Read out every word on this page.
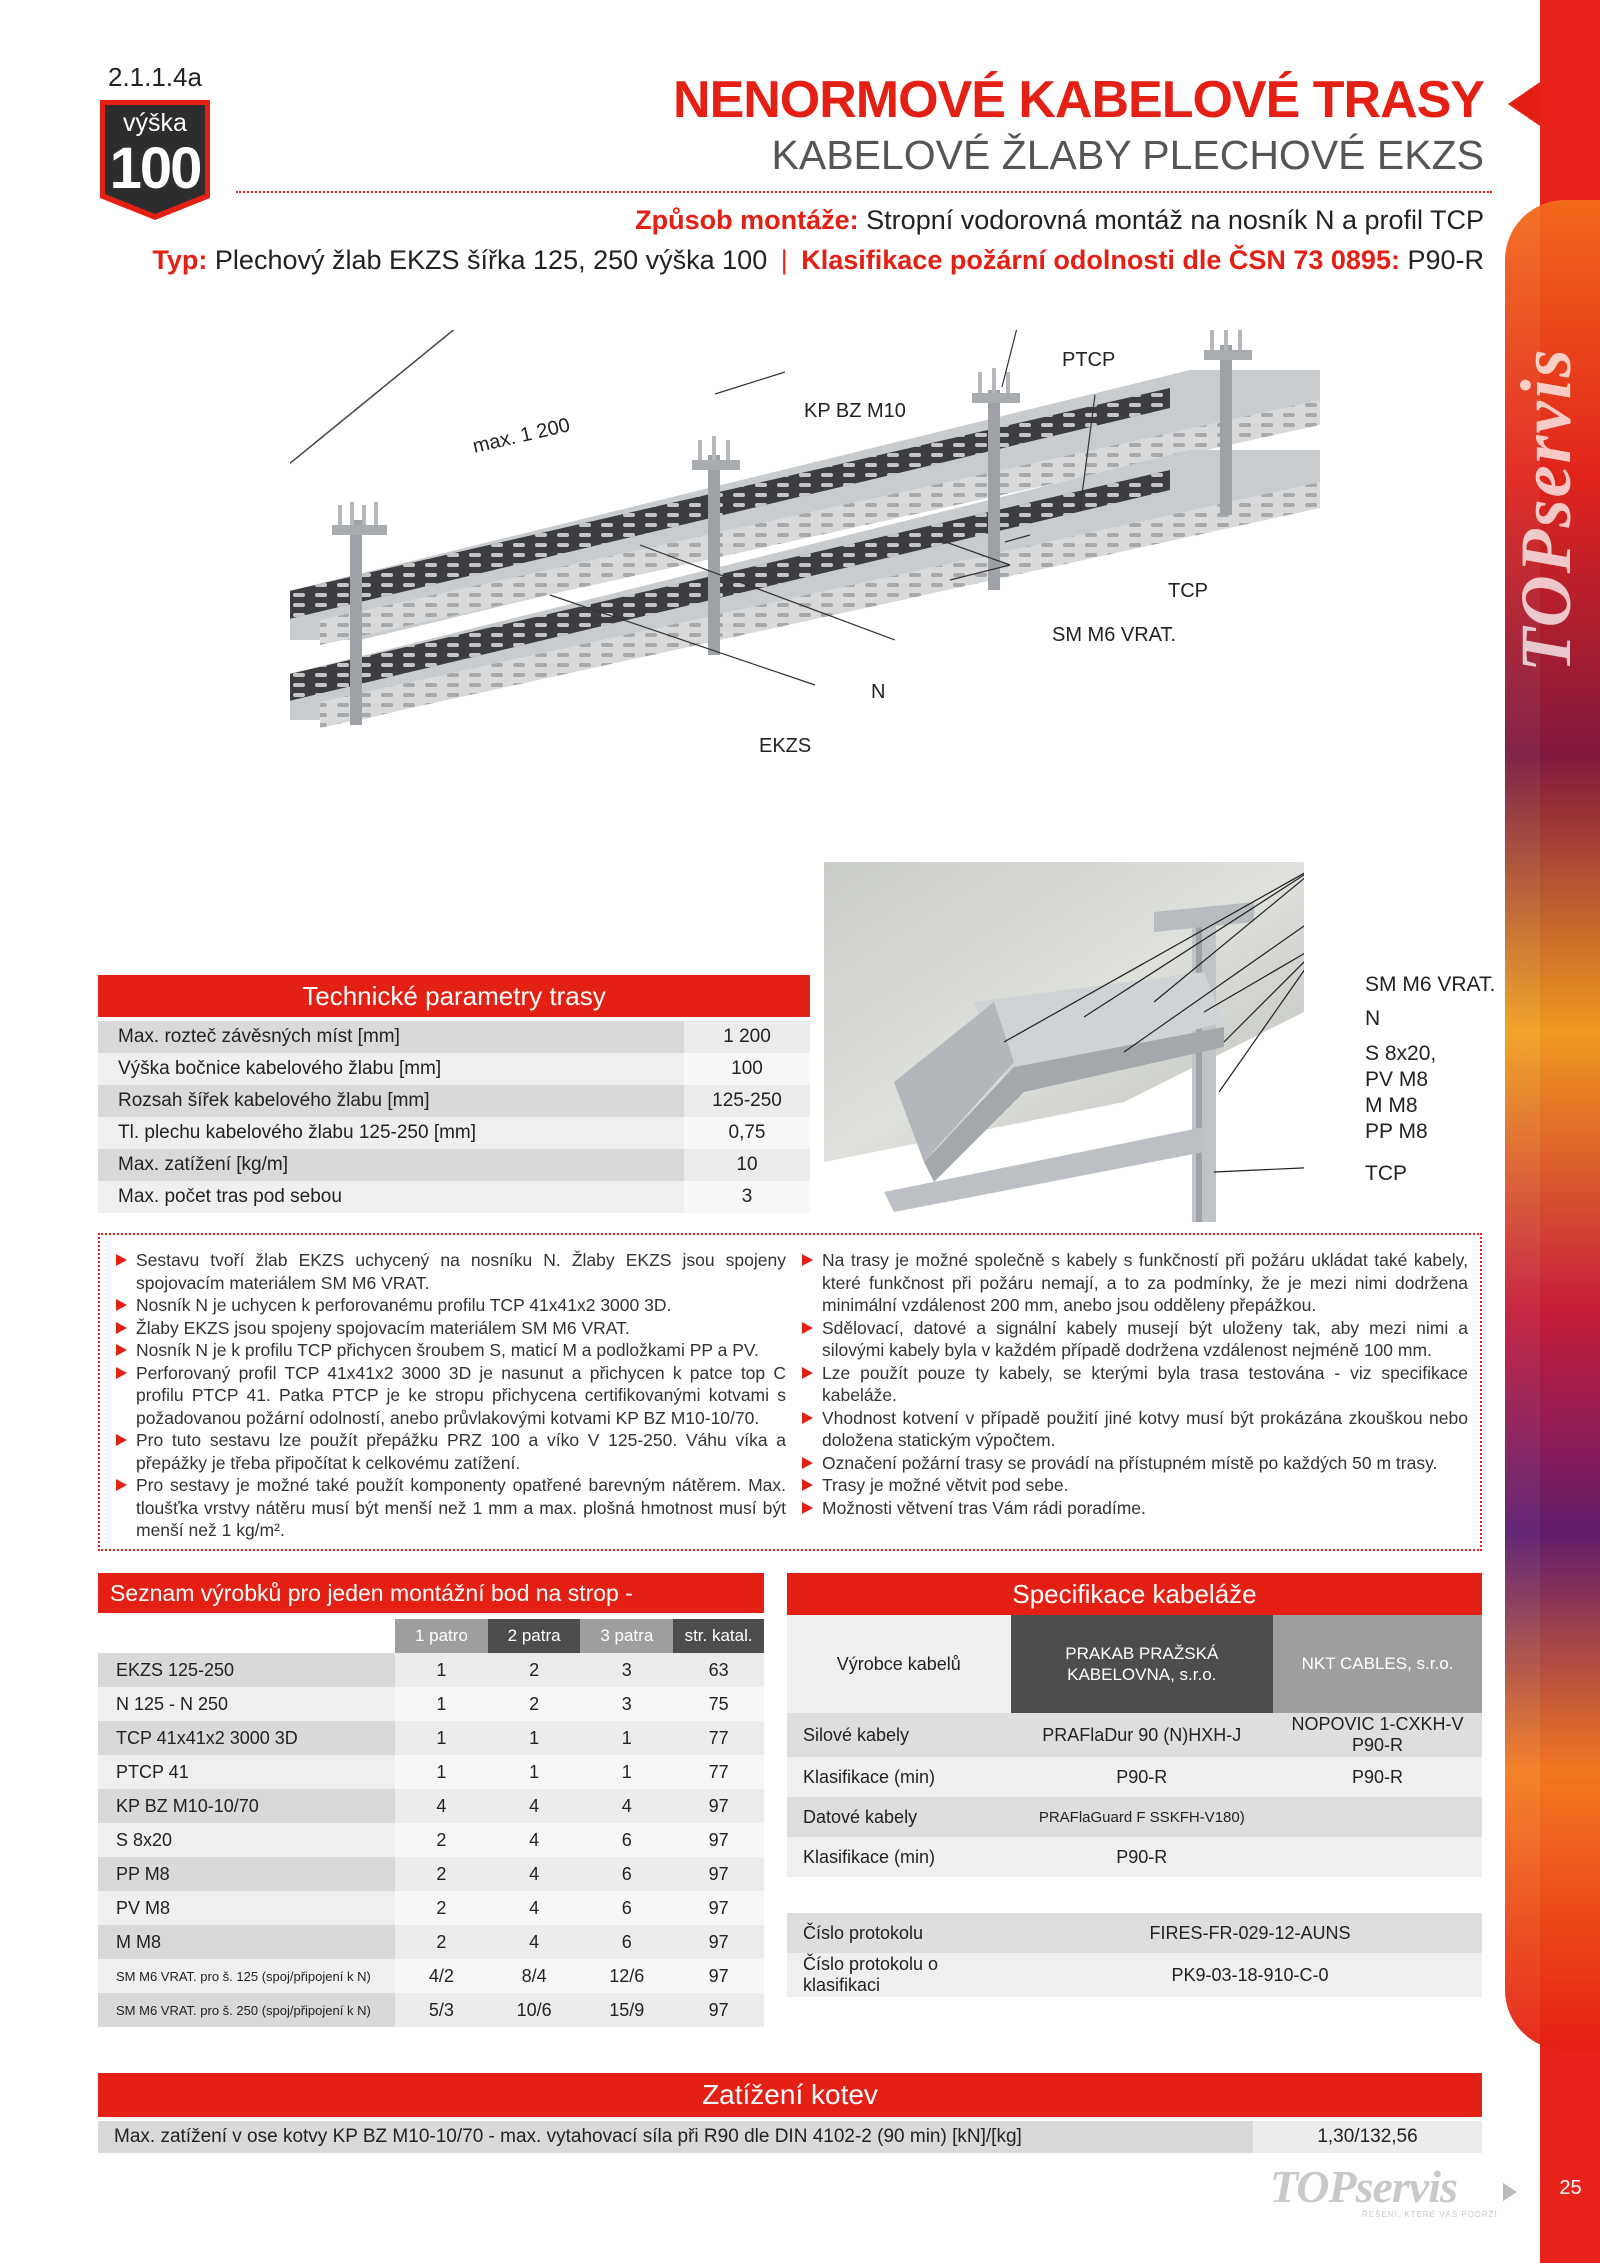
TOPservis
2.1.1.4a
výška
100
NENORMOVÉ KABELOVÉ TRASY
KABELOVÉ ŽLABY PLECHOVÉ EKZS
Způsob montáže: Stropní vodorovná montáž na nosník N a profil TCP
Typ: Plechový žlab EKZS šířka 125, 250 výška 100 | Klasifikace požární odolnosti dle ČSN 73 0895: P90-R
max. 1 200
PTCP
KP BZ M10
TCP
SM M6 VRAT.
N
EKZS
SM M6 VRAT.
N
S 8x20,
PV M8
M M8
PP M8
TCP
Technické parametry trasy
Max. rozteč závěsných míst [mm]	1 200
Výška bočnice kabelového žlabu [mm]	100
Rozsah šířek kabelového žlabu [mm]	125-250
Tl. plechu kabelového žlabu 125-250 [mm]	0,75
Max. zatížení [kg/m]	10
Max. počet tras pod sebou	3
Sestavu tvoří žlab EKZS uchycený na nosníku N. Žlaby EKZS jsou spojeny spojovacím materiálem SM M6 VRAT.
Nosník N je uchycen k perforovanému profilu TCP 41x41x2 3000 3D.
Žlaby EKZS jsou spojeny spojovacím materiálem SM M6 VRAT.
Nosník N je k profilu TCP přichycen šroubem S, maticí M a podložkami PP a PV.
Perforovaný profil TCP 41x41x2 3000 3D je nasunut a přichycen k patce top C profilu PTCP 41. Patka PTCP je ke stropu přichycena certifikovanými kotvami s požadovanou požární odolností, anebo průvlakovými kotvami KP BZ M10-10/70.
Pro tuto sestavu lze použít přepážku PRZ 100 a víko V 125-250. Váhu víka a přepážky je třeba připočítat k celkovému zatížení.
Pro sestavy je možné také použít komponenty opatřené barevným nátěrem. Max. tloušťka vrstvy nátěru musí být menší než 1 mm a max. plošná hmotnost musí být menší než 1 kg/m².
Na trasy je možné společně s kabely s funkčností při požáru ukládat také kabely, které funkčnost při požáru nemají, a to za podmínky, že je mezi nimi dodržena minimální vzdálenost 200 mm, anebo jsou odděleny přepážkou.
Sdělovací, datové a signální kabely musejí být uloženy tak, aby mezi nimi a silovými kabely byla v každém případě dodržena vzdálenost nejméně 100 mm.
Lze použít pouze ty kabely, se kterými byla trasa testována - viz specifikace kabeláže.
Vhodnost kotvení v případě použití jiné kotvy musí být prokázána zkouškou nebo doložena statickým výpočtem.
Označení požární trasy se provádí na přístupném místě po každých 50 m trasy.
Trasy je možné větvit pod sebe.
Možnosti větvení tras Vám rádi poradíme.
Seznam výrobků pro jeden montážní bod na strop -
	1 patro	2 patra	3 patra	str. katal.
EKZS 125-250	1	2	3	63
N 125 - N 250	1	2	3	75
TCP 41x41x2 3000 3D	1	1	1	77
PTCP 41	1	1	1	77
KP BZ M10-10/70	4	4	4	97
S 8x20	2	4	6	97
PP M8	2	4	6	97
PV M8	2	4	6	97
M M8	2	4	6	97
SM M6 VRAT. pro š. 125 (spoj/připojení k N)	4/2	8/4	12/6	97
SM M6 VRAT. pro š. 250 (spoj/připojení k N)	5/3	10/6	15/9	97
Specifikace kabeláže
Výrobce kabelů	PRAKAB PRAŽSKÁ KABELOVNA, s.r.o.	NKT CABLES, s.r.o.
Silové kabely	PRAFlaDur 90 (N)HXH-J	NOPOVIC 1-CXKH-V P90-R
Klasifikace (min)	P90-R	P90-R
Datové kabely	PRAFlaGuard F SSKFH-V180)	
Klasifikace (min)	P90-R	
Číslo protokolu	FIRES-FR-029-12-AUNS
Číslo protokolu o klasifikaci	PK9-03-18-910-C-0
Zatížení kotev
Max. zatížení v ose kotvy KP BZ M10-10/70 - max. vytahovací síla při R90 dle DIN 4102-2 (90 min) [kN]/[kg]	1,30/132,56
TOPservis
ŘEŠENÍ, KTERÉ VÁS PODRŽÍ
25
